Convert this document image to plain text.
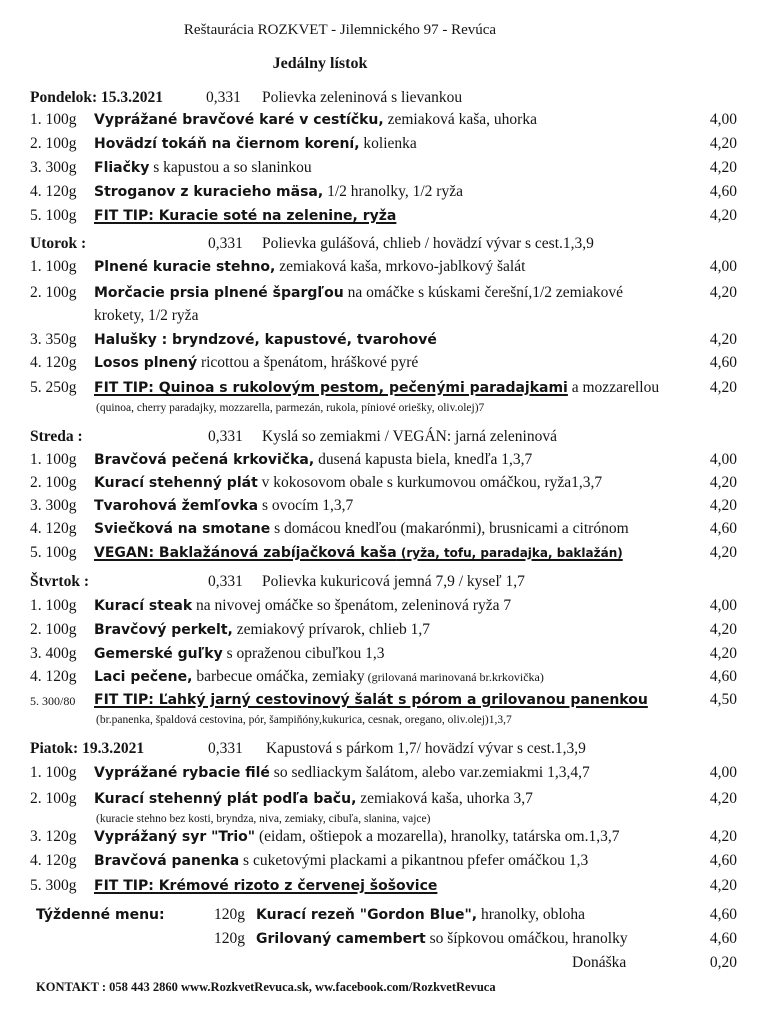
Reštaurácia ROZKVET - Jilemnického 97 - Revúca
Jedálny lístok
Pondelok: 15.3.2021	0,331 Polievka zeleninová s lievankou
1. 100g Vyprážané bravčové karé v cestíčku, zemiaková kaša, uhorka	4,00
2. 100g Hovädzí tokáň na čiernom korení, kolienka	4,20
3. 300g Fliačky s kapustou a so slaninkou	4,20
4. 120g Stroganov z kuracieho mäsa, 1/2 hranolky, 1/2 ryža	4,60
5. 100g FIT TIP: Kuracie soté na zelenine, ryža	4,20
Utorok :	0,331 Polievka gulášová, chlieb / hovädzí vývar s cest.1,3,9
1. 100g Plnené kuracie stehno, zemiaková kaša, mrkovo-jablkový šalát	4,00
2. 100g Morčacie prsia plnené špargľou na omáčke s kúskami čerešní,1/2 zemiakové	4,20
krokety, 1/2 ryža
3. 350g Halušky : bryndzové, kapustové, tvarohové	4,20
4. 120g Losos plnený ricottou a špenátom, hráškové pyré	4,60
5. 250g FIT TIP: Quinoa s rukolovým pestom, pečenými paradajkami a mozzarellou	4,20
(quinoa, cherry paradajky, mozzarella, parmezán, rukola, píniové oriešky, oliv.olej)7
Streda :	0,331 Kyslá so zemiakmi / VEGÁN: jarná zeleninová
1. 100g Bravčová pečená krkovička, dusená kapusta biela, knedľa 1,3,7	4,00
2. 100g Kurací stehenný plát v kokosovom obale s kurkumovou omáčkou, ryža1,3,7	4,20
3. 300g Tvarohová žemľovka s ovocím 1,3,7	4,20
4. 120g Sviečková na smotane s domácou knedľou (makarónmi), brusnicami a citrónom	4,60
5. 100g VEGAN: Baklažánová zabíjačková kaša (ryža, tofu, paradajka, baklažán)	4,20
Štvrtok :	0,331 Polievka kukuricová jemná 7,9 / kyseľ 1,7
1. 100g Kurací steak na nivovej omáčke so špenátom, zeleninová ryža 7	4,00
2. 100g Bravčový perkelt, zemiakový prívarok, chlieb 1,7	4,20
3. 400g Gemerské guľky s opraženou cibuľkou 1,3	4,20
4. 120g Laci pečene, barbecue omáčka, zemiaky (grilovaná marinovaná br.krkovička)	4,60
5. 300/80 FIT TIP: Ľahký jarný cestovinový šalát s pórom a grilovanou panenkou	4,50
(br.panenka, špaldová cestovina, pór, šampiňóny,kukurica, cesnak, oregano, oliv.olej)1,3,7
Piatok: 19.3.2021	0,331 Kapustová s párkom 1,7/ hovädzí vývar s cest.1,3,9
1. 100g Vyprážané rybacie filé so sedliackym šalátom, alebo var.zemiakmi 1,3,4,7	4,00
2. 100g Kurací stehenný plát podľa baču, zemiaková kaša, uhorka 3,7	4,20
(kuracie stehno bez kosti, bryndza, niva, zemiaky, cibuľa, slanina, vajce)
3. 120g Vyprážaný syr "Trio" (eidam, oštiepok a mozarella), hranolky, tatárska om.1,3,7	4,20
4. 120g Bravčová panenka s cuketovými plackami a pikantnou pfefer omáčkou 1,3	4,60
5. 300g FIT TIP: Krémové rizoto z červenej šošovice	4,20
Týždenné menu:	120g Kurací rezeň "Gordon Blue", hranolky, obloha	4,60
120g Grilovaný camembert so šípkovou omáčkou, hranolky	4,60
Donáška	0,20
KONTAKT : 058 443 2860 www.RozkvetRevuca.sk, ww.facebook.com/RozkvetRevuca
